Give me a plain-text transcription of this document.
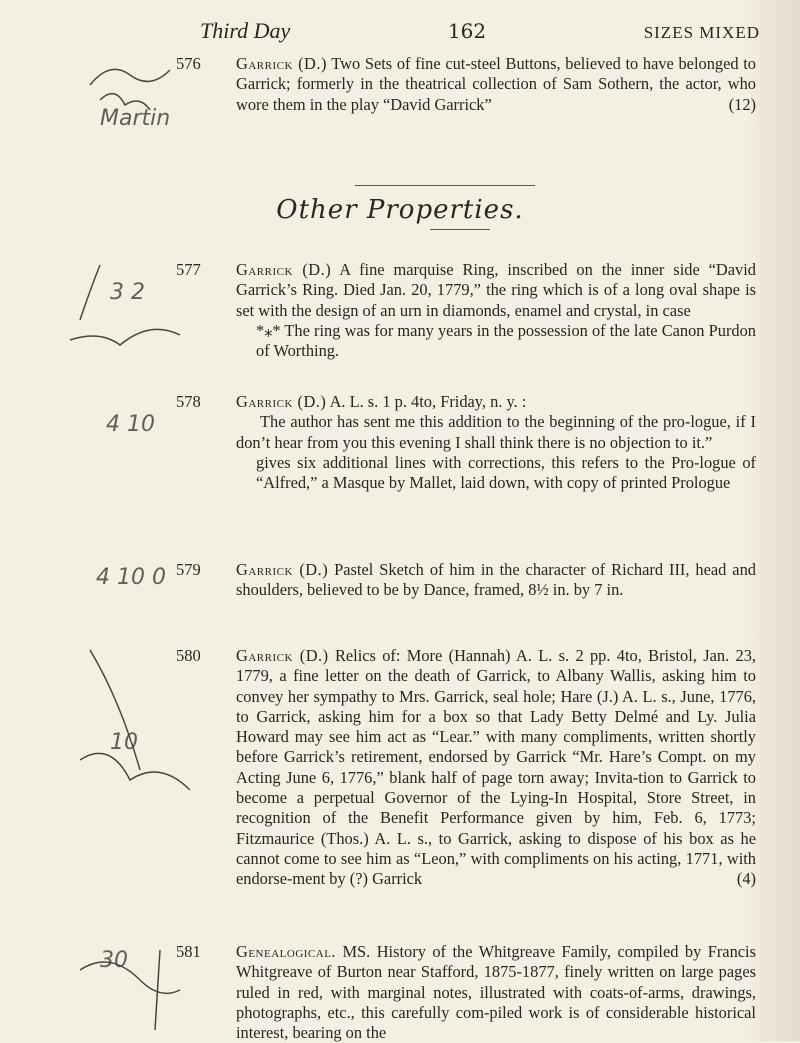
Third Day	162	SIZES MIXED
576	Garrick (D.) Two Sets of fine cut-steel Buttons, believed to have belonged to Garrick; formerly in the theatrical collection of Sam Sothern, the actor, who wore them in the play “David Garrick”	(12)
Other Properties.
577	Garrick (D.) A fine marquise Ring, inscribed on the inner side “David Garrick’s Ring. Died Jan. 20, 1779,” the ring which is of a long oval shape is set with the design of an urn in diamonds, enamel and crystal, in case
*⁎* The ring was for many years in the possession of the late Canon Purdon of Worthing.
578	Garrick (D.) A. L. s. 1 p. 4to, Friday, n. y. :
The author has sent me this addition to the beginning of the pro-logue, if I don’t hear from you this evening I shall think there is no objection to it.”
gives six additional lines with corrections, this refers to the Pro-logue of “Alfred,” a Masque by Mallet, laid down, with copy of printed Prologue
579	Garrick (D.) Pastel Sketch of him in the character of Richard III, head and shoulders, believed to be by Dance, framed, 8½ in. by 7 in.
580	Garrick (D.) Relics of: More (Hannah) A. L. s. 2 pp. 4to, Bristol, Jan. 23, 1779, a fine letter on the death of Garrick, to Albany Wallis, asking him to convey her sympathy to Mrs. Garrick, seal hole; Hare (J.) A. L. s., June, 1776, to Garrick, asking him for a box so that Lady Betty Delmé and Ly. Julia Howard may see him act as “Lear.” with many compliments, written shortly before Garrick’s retirement, endorsed by Garrick “Mr. Hare’s Compt. on my Acting June 6, 1776,” blank half of page torn away; Invita-tion to Garrick to become a perpetual Governor of the Lying-In Hospital, Store Street, in recognition of the Benefit Performance given by him, Feb. 6, 1773; Fitzmaurice (Thos.) A. L. s., to Garrick, asking to dispose of his box as he cannot come to see him as “Leon,” with compliments on his acting, 1771, with endorse-ment by (?) Garrick	(4)
581	Genealogical. MS. History of the Whitgreave Family, compiled by Francis Whitgreave of Burton near Stafford, 1875-1877, finely written on large pages ruled in red, with marginal notes, illustrated with coats-of-arms, drawings, photographs, etc., this carefully com-piled work is of considerable historical interest, bearing on the
Martin
3 2
4 10
4 10 0
10
30
